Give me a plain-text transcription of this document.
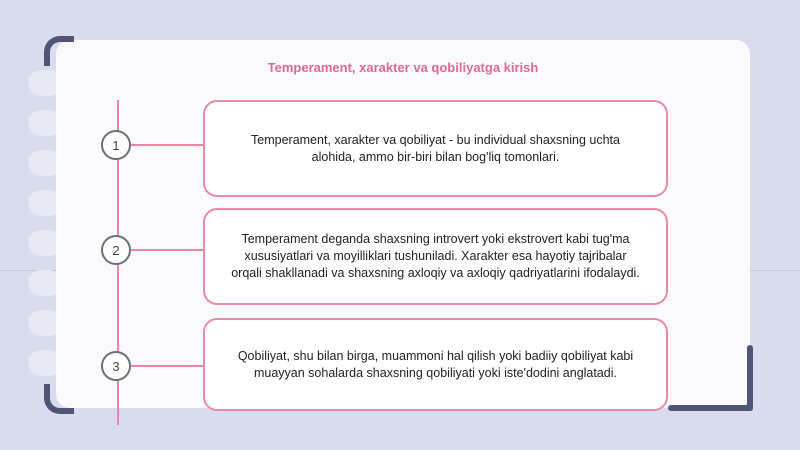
Temperament, xarakter va qobiliyatga kirish
1	Temperament, xarakter va qobiliyat - bu individual shaxsning uchta alohida, ammo bir-biri bilan bog'liq tomonlari.
2
Temperament deganda shaxsning introvert yoki ekstrovert kabi tug'ma xususiyatlari va moyilliklari tushuniladi. Xarakter esa hayotiy tajribalar orqali shakllanadi va shaxsning axloqiy va axloqiy qadriyatlarini ifodalaydi.
3
Qobiliyat, shu bilan birga, muammoni hal qilish yoki badiiy qobiliyat kabi muayyan sohalarda shaxsning qobiliyati yoki iste'dodini anglatadi.
